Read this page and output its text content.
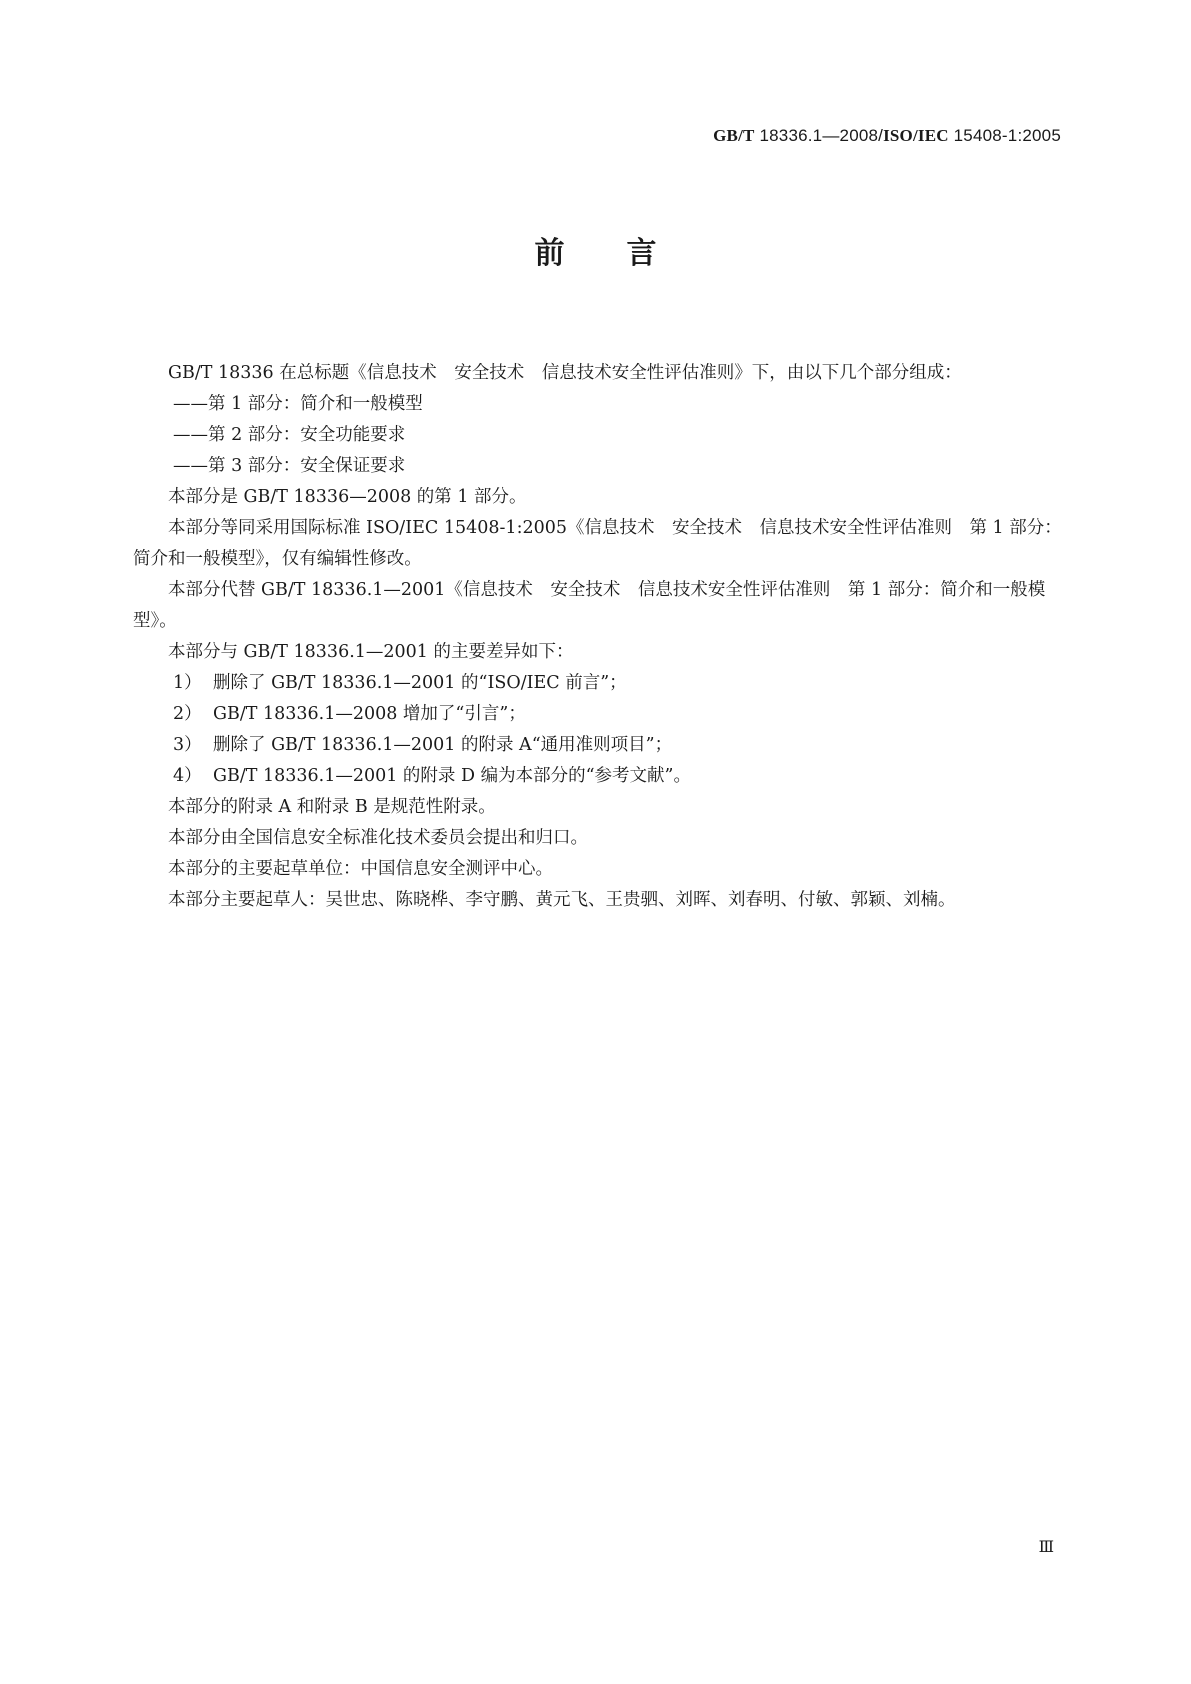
GB/T 18336.1—2008/ISO/IEC 15408-1:2005
前言

GB/T 18336 在总标题《信息技术　安全技术　信息技术安全性评估准则》下，由以下几个部分组成：

——第 1 部分：简介和一般模型

——第 2 部分：安全功能要求

——第 3 部分：安全保证要求

本部分是 GB/T 18336—2008 的第 1 部分。

本部分等同采用国际标准 ISO/IEC 15408-1:2005《信息技术　安全技术　信息技术安全性评估准则　第 1 部分：简介和一般模型》，仅有编辑性修改。

本部分代替 GB/T 18336.1—2001《信息技术　安全技术　信息技术安全性评估准则　第 1 部分：简介和一般模型》。

本部分与 GB/T 18336.1—2001 的主要差异如下：

1） 删除了 GB/T 18336.1—2001 的“ISO/IEC 前言”；

2） GB/T 18336.1—2008 增加了“引言”；

3） 删除了 GB/T 18336.1—2001 的附录 A“通用准则项目”；

4） GB/T 18336.1—2001 的附录 D 编为本部分的“参考文献”。

本部分的附录 A 和附录 B 是规范性附录。

本部分由全国信息安全标准化技术委员会提出和归口。

本部分的主要起草单位：中国信息安全测评中心。

本部分主要起草人：吴世忠、陈晓桦、李守鹏、黄元飞、王贵驷、刘晖、刘春明、付敏、郭颖、刘楠。

Ⅲ
